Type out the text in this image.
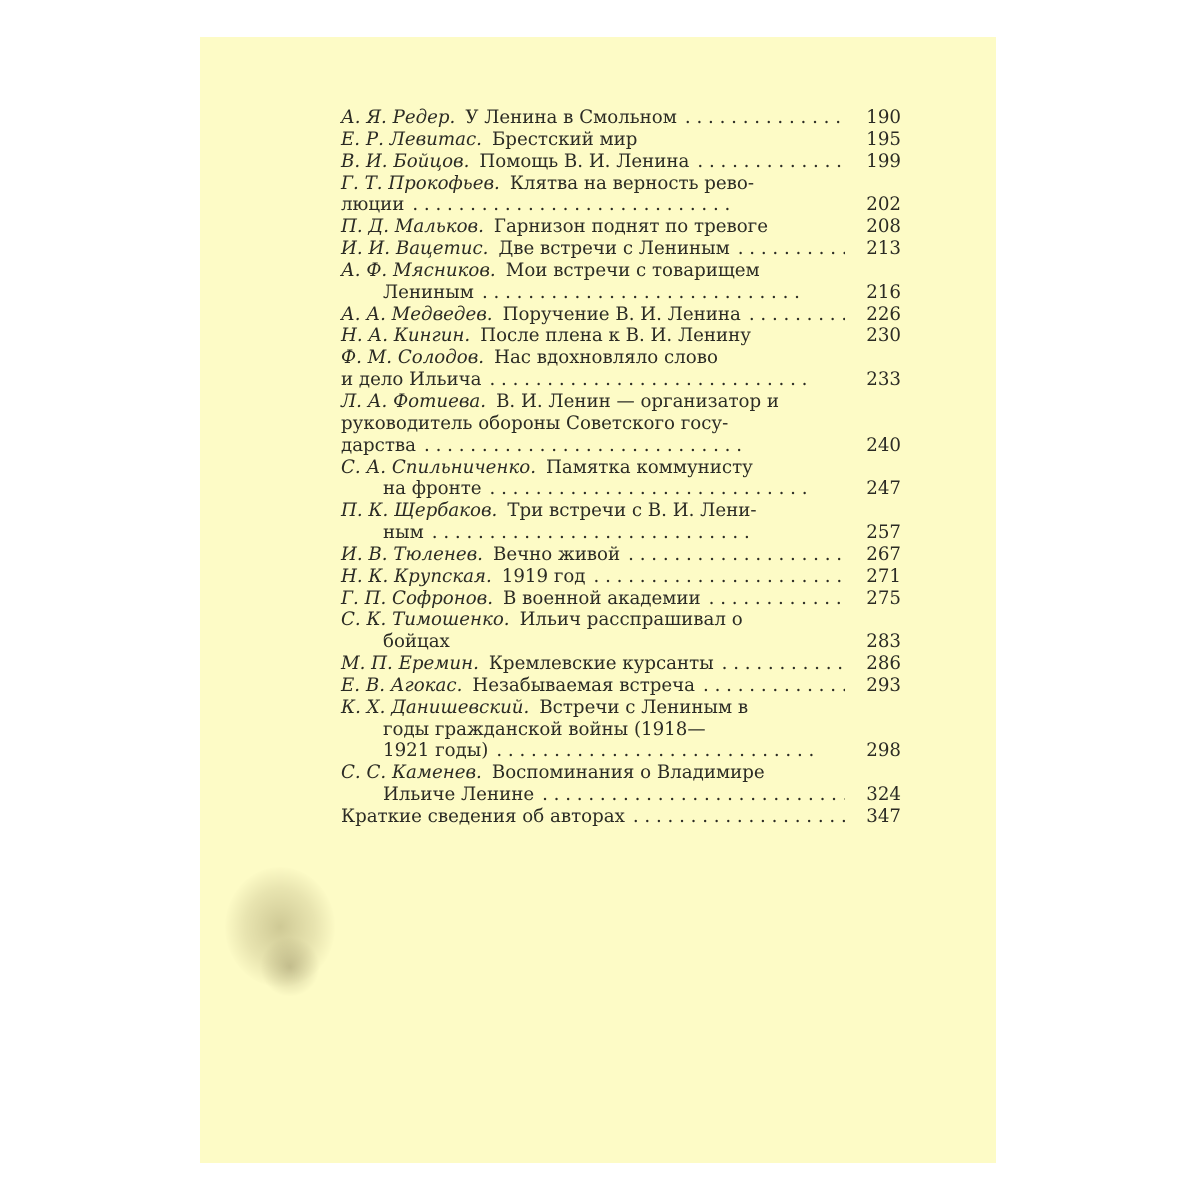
А. Я. Редер. У Ленина в Смольном . .	190
Е. Р. Левитас. Брестский мир	195
В. И. Бойцов. Помощь В. И. Ленина . .	199
Г. Т. Прокофьев. Клятва на верность рево-
люции . .	202
П. Д. Мальков. Гарнизон поднят по тревоге	208
И. И. Вацетис. Две встречи с Лениным . .	213
А. Ф. Мясников. Мои встречи с товарищем
Лениным . .	216
А. А. Медведев. Поручение В. И. Ленина . .	226
Н. А. Кингин. После плена к В. И. Ленину	230
Ф. М. Солодов. Нас вдохновляло слово
и дело Ильича . .	233
Л. А. Фотиева. В. И. Ленин — организатор и
руководитель обороны Советского госу-
дарства . .	240
С. А. Спильниченко. Памятка коммунисту
на фронте . .	247
П. К. Щербаков. Три встречи с В. И. Лени-
ным . .	257
И. В. Тюленев. Вечно живой . .	267
Н. К. Крупская. 1919 год . .	271
Г. П. Софронов. В военной академии . .	275
С. К. Тимошенко. Ильич расспрашивал о
бойцах	283
М. П. Еремин. Кремлевские курсанты . .	286
Е. В. Агокас. Незабываемая встреча . .	293
К. Х. Данишевский. Встречи с Лениным в
годы гражданской войны (1918—
1921 годы) . .	298
С. С. Каменев. Воспоминания о Владимире
Ильиче Ленине . .	324
Краткие сведения об авторах . .	347
